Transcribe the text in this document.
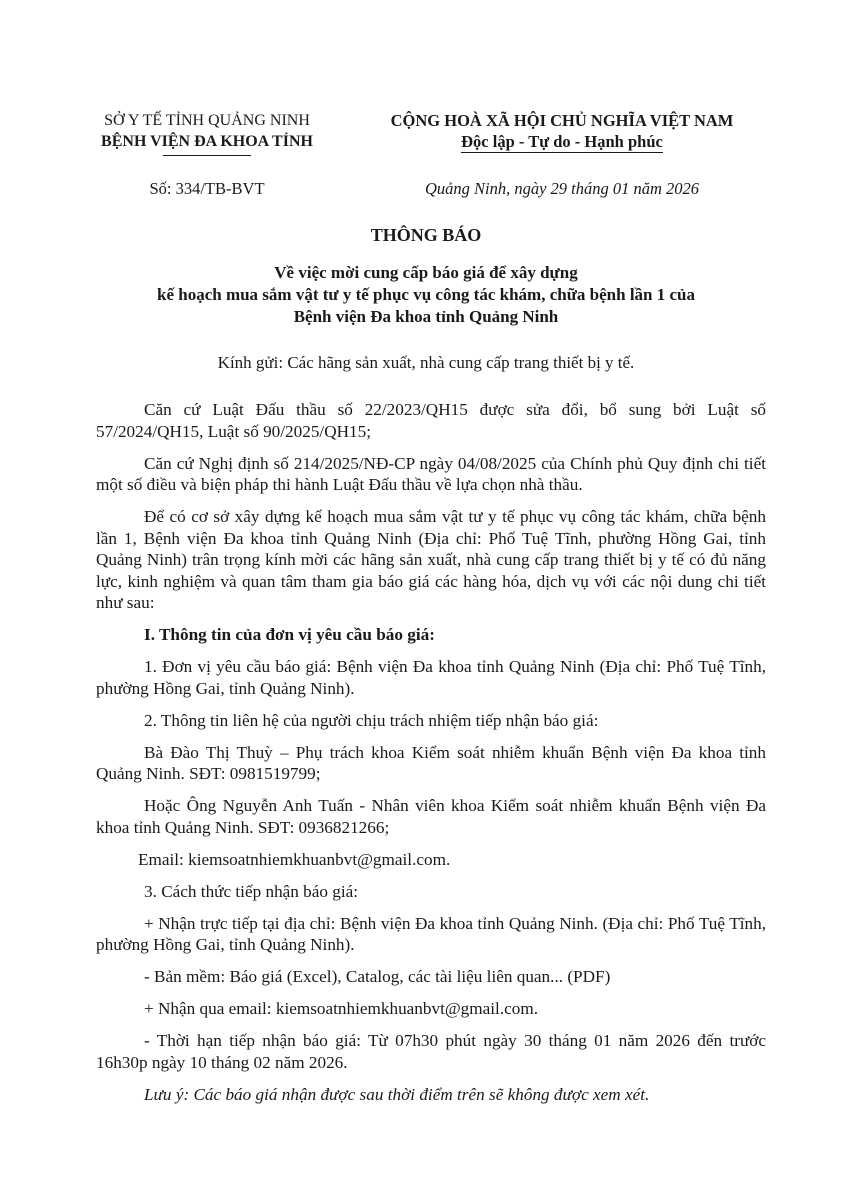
SỞ Y TẾ TỈNH QUẢNG NINH
BỆNH VIỆN ĐA KHOA TỈNH
CỘNG HOÀ XÃ HỘI CHỦ NGHĨA VIỆT NAM
Độc lập - Tự do - Hạnh phúc
Số: 334/TB-BVT	Quảng Ninh, ngày 29 tháng 01 năm 2026
THÔNG BÁO
Về việc mời cung cấp báo giá để xây dựng
kế hoạch mua sắm vật tư y tế phục vụ công tác khám, chữa bệnh lần 1 của
Bệnh viện Đa khoa tỉnh Quảng Ninh
Kính gửi: Các hãng sản xuất, nhà cung cấp trang thiết bị y tế.

Căn cứ Luật Đấu thầu số 22/2023/QH15 được sửa đổi, bổ sung bởi Luật số 57/2024/QH15, Luật số 90/2025/QH15;

Căn cứ Nghị định số 214/2025/NĐ-CP ngày 04/08/2025 của Chính phủ Quy định chi tiết một số điều và biện pháp thi hành Luật Đấu thầu về lựa chọn nhà thầu.

Để có cơ sở xây dựng kế hoạch mua sắm vật tư y tế phục vụ công tác khám, chữa bệnh lần 1, Bệnh viện Đa khoa tỉnh Quảng Ninh (Địa chỉ: Phố Tuệ Tĩnh, phường Hồng Gai, tỉnh Quảng Ninh) trân trọng kính mời các hãng sản xuất, nhà cung cấp trang thiết bị y tế có đủ năng lực, kinh nghiệm và quan tâm tham gia báo giá các hàng hóa, dịch vụ với các nội dung chi tiết như sau:

I. Thông tin của đơn vị yêu cầu báo giá:

1. Đơn vị yêu cầu báo giá: Bệnh viện Đa khoa tỉnh Quảng Ninh (Địa chỉ: Phố Tuệ Tĩnh, phường Hồng Gai, tỉnh Quảng Ninh).

2. Thông tin liên hệ của người chịu trách nhiệm tiếp nhận báo giá:

Bà Đào Thị Thuỳ – Phụ trách khoa Kiểm soát nhiễm khuẩn Bệnh viện Đa khoa tỉnh Quảng Ninh. SĐT: 0981519799;

Hoặc Ông Nguyễn Anh Tuấn - Nhân viên khoa Kiểm soát nhiễm khuẩn Bệnh viện Đa khoa tỉnh Quảng Ninh. SĐT: 0936821266;

Email: kiemsoatnhiemkhuanbvt@gmail.com.

3. Cách thức tiếp nhận báo giá:

+ Nhận trực tiếp tại địa chỉ: Bệnh viện Đa khoa tỉnh Quảng Ninh. (Địa chỉ: Phố Tuệ Tĩnh, phường Hồng Gai, tỉnh Quảng Ninh).

- Bản mềm: Báo giá (Excel), Catalog, các tài liệu liên quan... (PDF)

+ Nhận qua email: kiemsoatnhiemkhuanbvt@gmail.com.

- Thời hạn tiếp nhận báo giá: Từ 07h30 phút ngày 30 tháng 01 năm 2026 đến trước 16h30p ngày 10 tháng 02 năm 2026.

Lưu ý: Các báo giá nhận được sau thời điểm trên sẽ không được xem xét.
